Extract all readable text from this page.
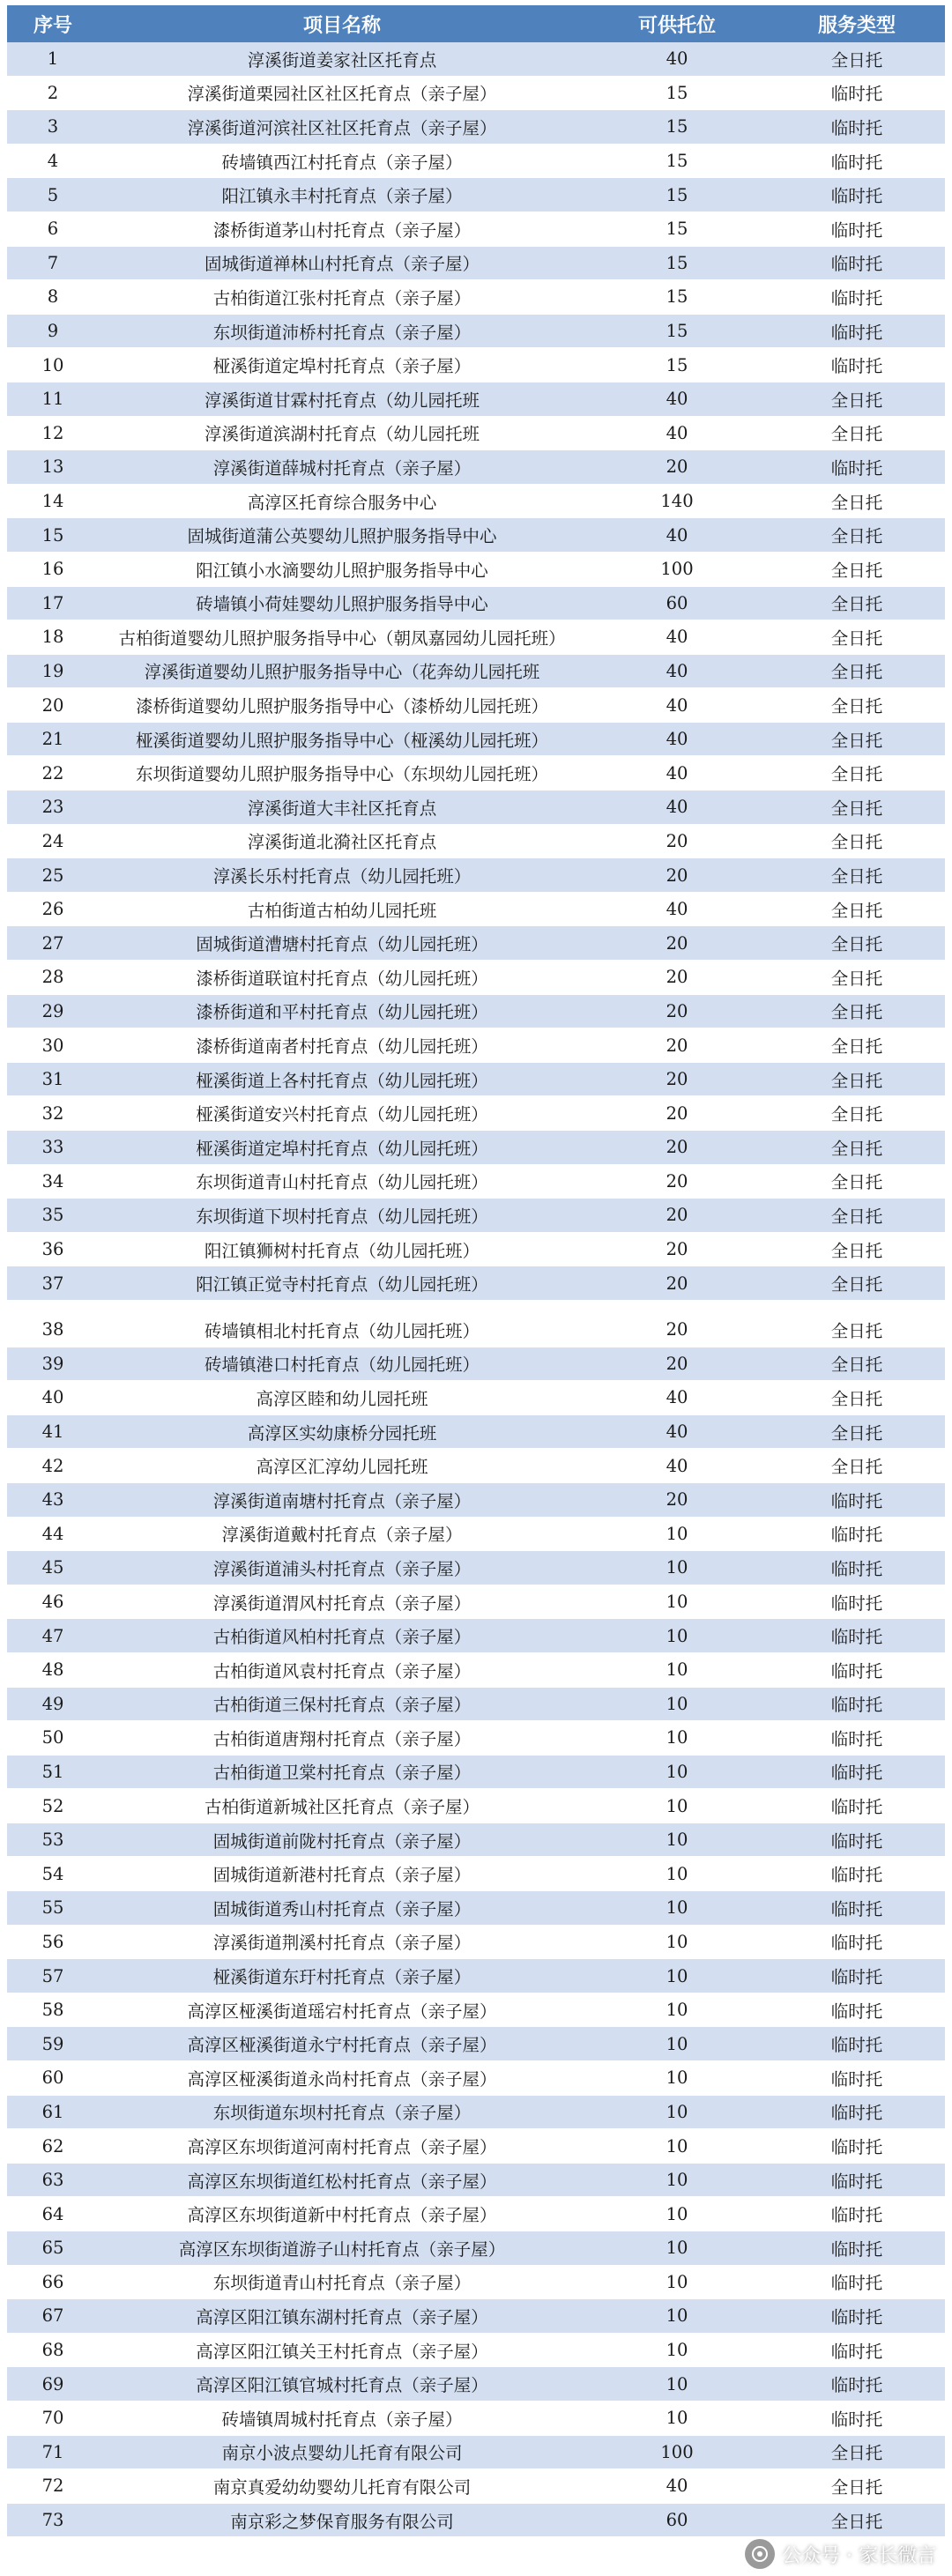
序号	项目名称	可供托位	服务类型
1	淳溪街道姜家社区托育点	40	全日托
2	淳溪街道栗园社区社区托育点（亲子屋）	15	临时托
3	淳溪街道河滨社区社区托育点（亲子屋）	15	临时托
4	砖墙镇西江村托育点（亲子屋）	15	临时托
5	阳江镇永丰村托育点（亲子屋）	15	临时托
6	漆桥街道茅山村托育点（亲子屋）	15	临时托
7	固城街道禅林山村托育点（亲子屋）	15	临时托
8	古柏街道江张村托育点（亲子屋）	15	临时托
9	东坝街道沛桥村托育点（亲子屋）	15	临时托
10	桠溪街道定埠村托育点（亲子屋）	15	临时托
11	淳溪街道甘霖村托育点（幼儿园托班	40	全日托
12	淳溪街道滨湖村托育点（幼儿园托班	40	全日托
13	淳溪街道薛城村托育点（亲子屋）	20	临时托
14	高淳区托育综合服务中心	140	全日托
15	固城街道蒲公英婴幼儿照护服务指导中心	40	全日托
16	阳江镇小水滴婴幼儿照护服务指导中心	100	全日托
17	砖墙镇小荷娃婴幼儿照护服务指导中心	60	全日托
18	古柏街道婴幼儿照护服务指导中心（朝凤嘉园幼儿园托班）	40	全日托
19	淳溪街道婴幼儿照护服务指导中心（花奔幼儿园托班	40	全日托
20	漆桥街道婴幼儿照护服务指导中心（漆桥幼儿园托班）	40	全日托
21	桠溪街道婴幼儿照护服务指导中心（桠溪幼儿园托班）	40	全日托
22	东坝街道婴幼儿照护服务指导中心（东坝幼儿园托班）	40	全日托
23	淳溪街道大丰社区托育点	40	全日托
24	淳溪街道北漪社区托育点	20	全日托
25	淳溪长乐村托育点（幼儿园托班）	20	全日托
26	古柏街道古柏幼儿园托班	40	全日托
27	固城街道漕塘村托育点（幼儿园托班）	20	全日托
28	漆桥街道联谊村托育点（幼儿园托班）	20	全日托
29	漆桥街道和平村托育点（幼儿园托班）	20	全日托
30	漆桥街道南者村托育点（幼儿园托班）	20	全日托
31	桠溪街道上各村托育点（幼儿园托班）	20	全日托
32	桠溪街道安兴村托育点（幼儿园托班）	20	全日托
33	桠溪街道定埠村托育点（幼儿园托班）	20	全日托
34	东坝街道青山村托育点（幼儿园托班）	20	全日托
35	东坝街道下坝村托育点（幼儿园托班）	20	全日托
36	阳江镇狮树村托育点（幼儿园托班）	20	全日托
37	阳江镇正觉寺村托育点（幼儿园托班）	20	全日托
38	砖墙镇相北村托育点（幼儿园托班）	20	全日托
39	砖墙镇港口村托育点（幼儿园托班）	20	全日托
40	高淳区睦和幼儿园托班	40	全日托
41	高淳区实幼康桥分园托班	40	全日托
42	高淳区汇淳幼儿园托班	40	全日托
43	淳溪街道南塘村托育点（亲子屋）	20	临时托
44	淳溪街道戴村托育点（亲子屋）	10	临时托
45	淳溪街道浦头村托育点（亲子屋）	10	临时托
46	淳溪街道渭风村托育点（亲子屋）	10	临时托
47	古柏街道风柏村托育点（亲子屋）	10	临时托
48	古柏街道风袁村托育点（亲子屋）	10	临时托
49	古柏街道三保村托育点（亲子屋）	10	临时托
50	古柏街道唐翔村托育点（亲子屋）	10	临时托
51	古柏街道卫棠村托育点（亲子屋）	10	临时托
52	古柏街道新城社区托育点（亲子屋）	10	临时托
53	固城街道前陇村托育点（亲子屋）	10	临时托
54	固城街道新港村托育点（亲子屋）	10	临时托
55	固城街道秀山村托育点（亲子屋）	10	临时托
56	淳溪街道荆溪村托育点（亲子屋）	10	临时托
57	桠溪街道东玗村托育点（亲子屋）	10	临时托
58	高淳区桠溪街道瑶宕村托育点（亲子屋）	10	临时托
59	高淳区桠溪街道永宁村托育点（亲子屋）	10	临时托
60	高淳区桠溪街道永尚村托育点（亲子屋）	10	临时托
61	东坝街道东坝村托育点（亲子屋）	10	临时托
62	高淳区东坝街道河南村托育点（亲子屋）	10	临时托
63	高淳区东坝街道红松村托育点（亲子屋）	10	临时托
64	高淳区东坝街道新中村托育点（亲子屋）	10	临时托
65	高淳区东坝街道游子山村托育点（亲子屋）	10	临时托
66	东坝街道青山村托育点（亲子屋）	10	临时托
67	高淳区阳江镇东湖村托育点（亲子屋）	10	临时托
68	高淳区阳江镇关王村托育点（亲子屋）	10	临时托
69	高淳区阳江镇官城村托育点（亲子屋）	10	临时托
70	砖墙镇周城村托育点（亲子屋）	10	临时托
71	南京小波点婴幼儿托育有限公司	100	全日托
72	南京真爱幼幼婴幼儿托育有限公司	40	全日托
73	南京彩之梦保育服务有限公司	60	全日托
公众号 · 家长微言
